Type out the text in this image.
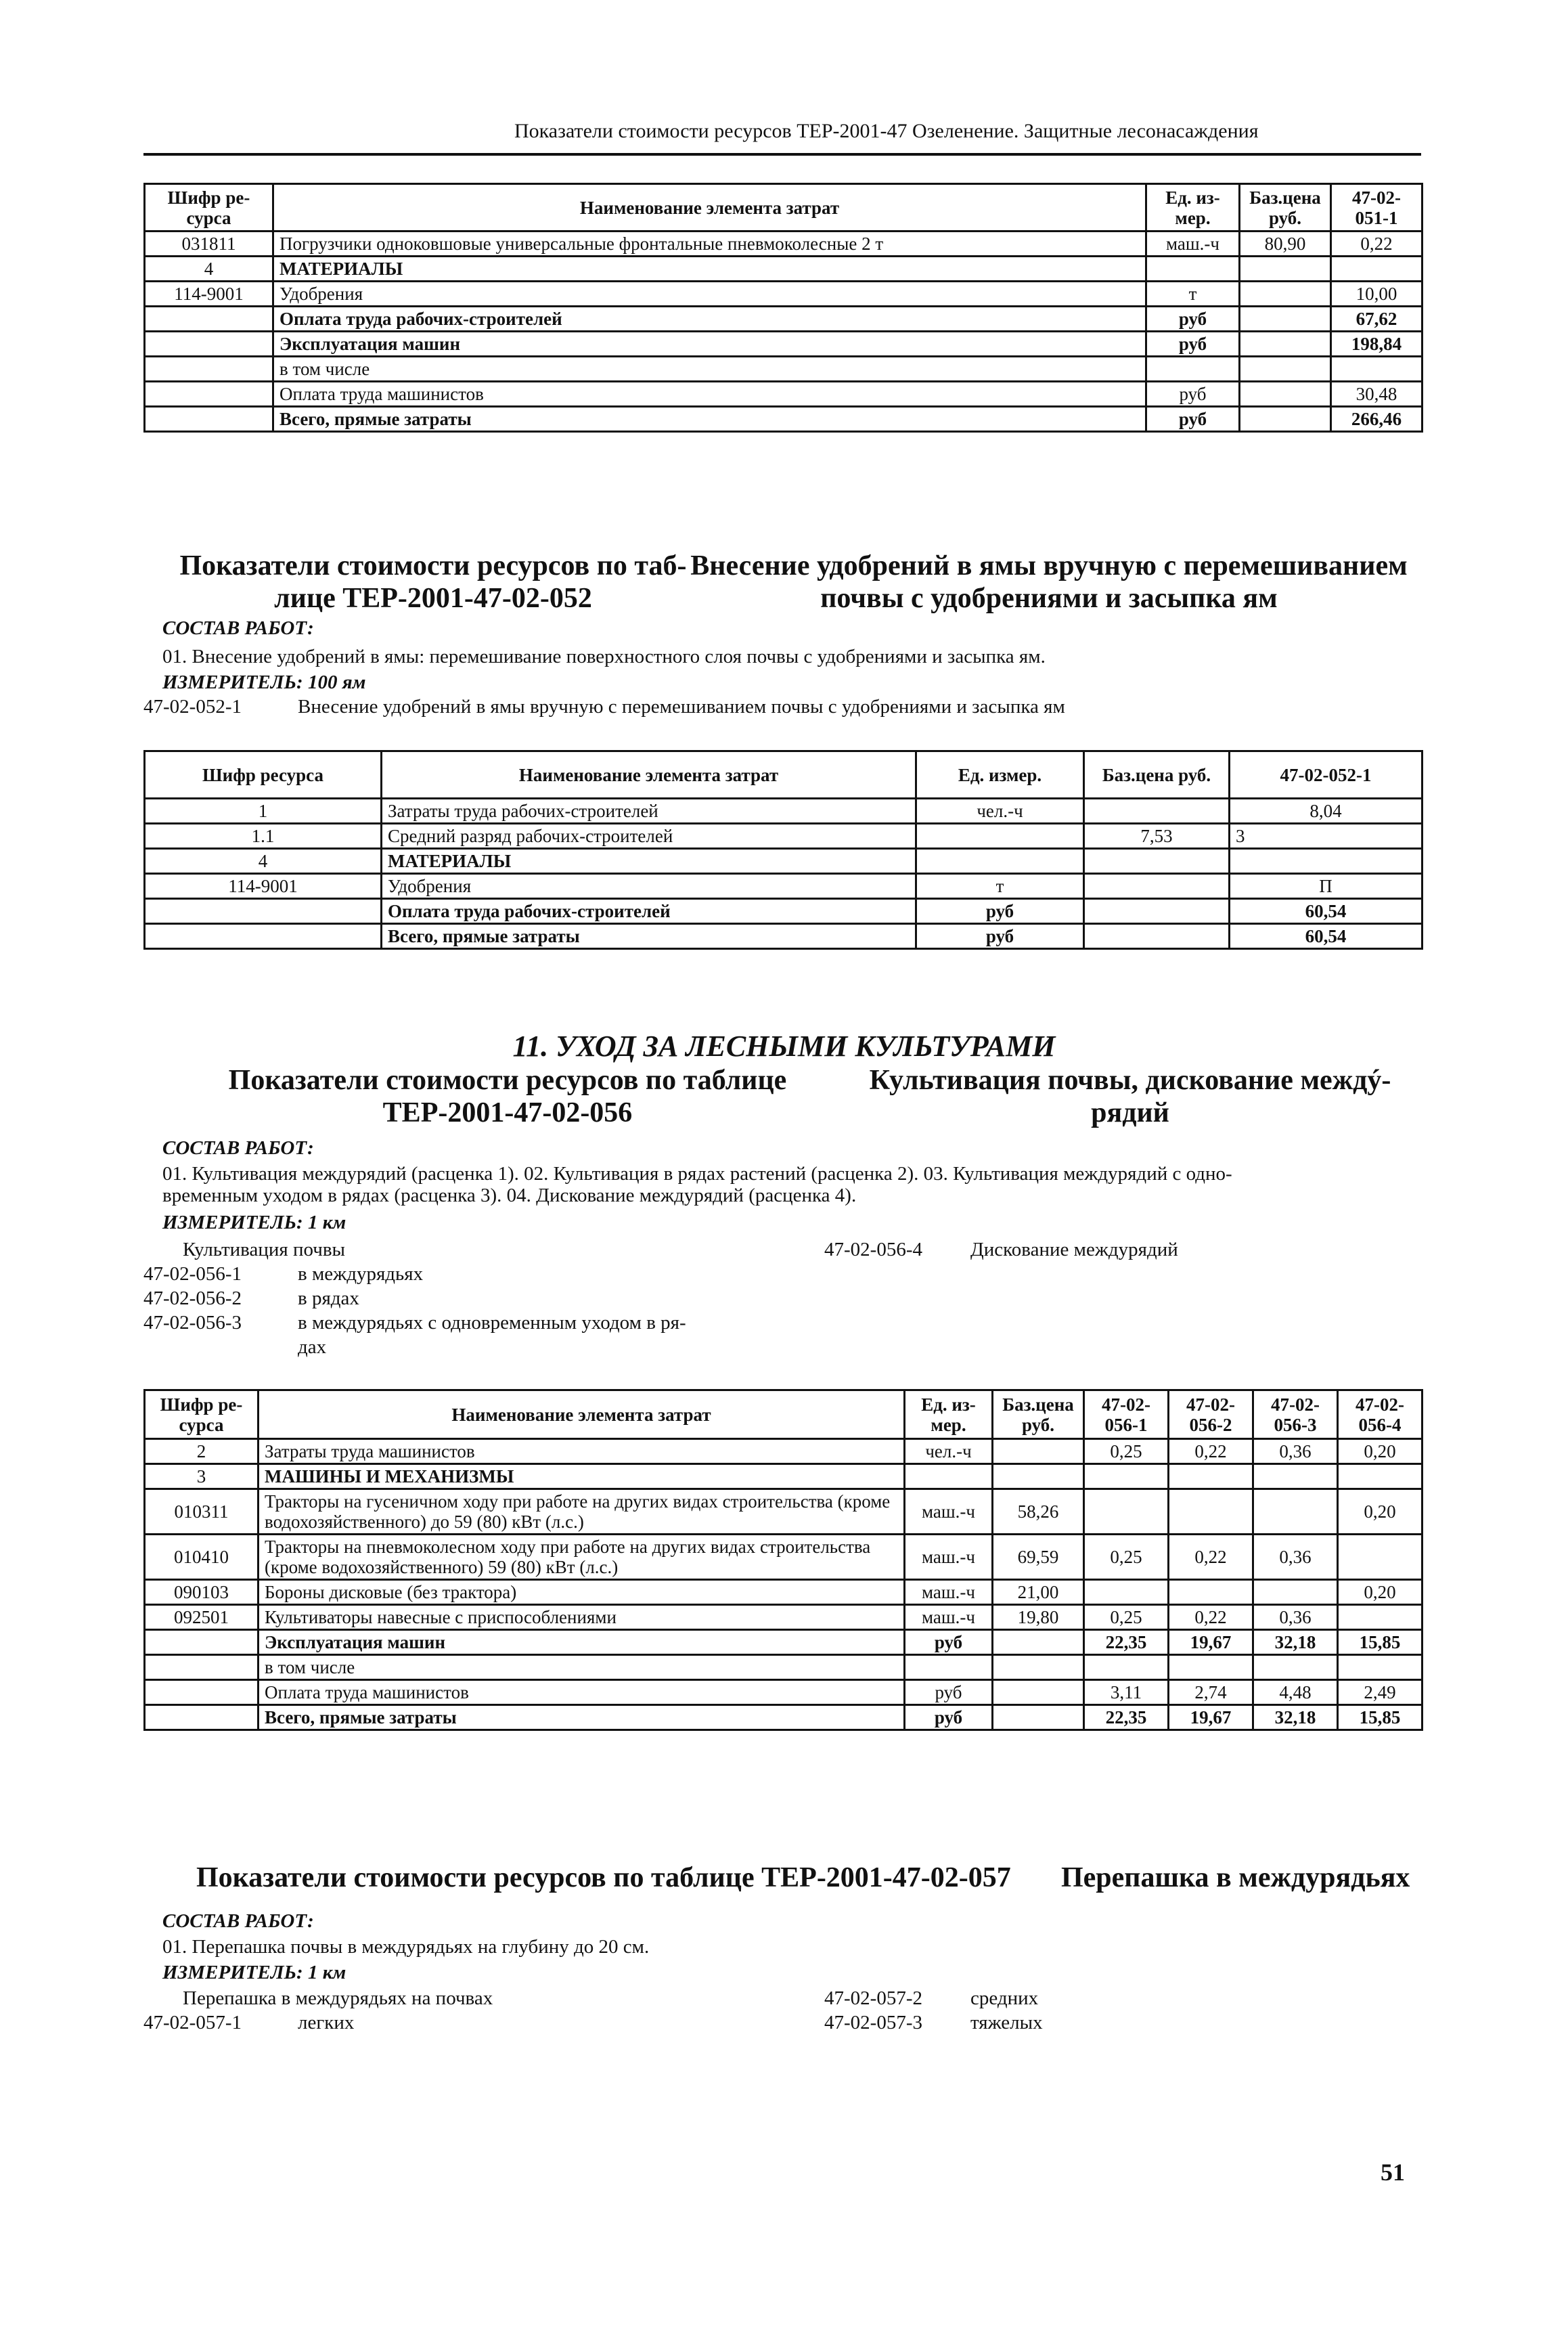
Показатели стоимости ресурсов ТЕР-2001-47 Озеленение. Защитные лесонасаждения
Шифр ре-сурса	Наименование элемента затрат	Ед. из-мер.	Баз.цена руб.	47-02-051-1
031811	Погрузчики одноковшовые универсальные фронтальные пневмоколесные 2 т	маш.-ч	80,90	0,22
4	МАТЕРИАЛЫ			
114-9001	Удобрения	т		10,00
	Оплата труда рабочих-строителей	руб		67,62
	Эксплуатация машин	руб		198,84
	в том числе			
	Оплата труда машинистов	руб		30,48
	Всего, прямые затраты	руб		266,46
Показатели стоимости ресурсов по таб-
лице ТЕР-2001-47-02-052
Внесение удобрений в ямы вручную с перемешиванием
почвы с удобрениями и засыпка ям
СОСТАВ РАБОТ:
01. Внесение удобрений в ямы: перемешивание поверхностного слоя почвы с удобрениями и засыпка ям.
ИЗМЕРИТЕЛЬ: 100 ям
47-02-052-1	Внесение удобрений в ямы вручную с перемешиванием почвы с удобрениями и засыпка ям
Шифр ресурса	Наименование элемента затрат	Ед. измер.	Баз.цена руб.	47-02-052-1
1	Затраты труда рабочих-строителей	чел.-ч		8,04
1.1	Средний разряд рабочих-строителей		7,53	3
4	МАТЕРИАЛЫ			
114-9001	Удобрения	т		П
	Оплата труда рабочих-строителей	руб		60,54
	Всего, прямые затраты	руб		60,54
11. УХОД ЗА ЛЕСНЫМИ КУЛЬТУРАМИ
Показатели стоимости ресурсов по таблице
ТЕР-2001-47-02-056
Культивация почвы, дискование междý-
рядий
СОСТАВ РАБОТ:
01. Культивация междурядий (расценка 1). 02. Культивация в рядах растений (расценка 2). 03. Культивация междурядий с одно-
временным уходом в рядах (расценка 3). 04. Дискование междурядий (расценка 4).
ИЗМЕРИТЕЛЬ: 1 км
Культивация почвы
47-02-056-1	в междурядьях
47-02-056-2	в рядах
47-02-056-3	в междурядьях с одновременным уходом в ря-
дах
47-02-056-4 Дискование междурядий
Шифр ре-сурса	Наименование элемента затрат	Ед. из-мер.	Баз.цена руб.	47-02-056-1	47-02-056-2	47-02-056-3	47-02-056-4
2	Затраты труда машинистов	чел.-ч		0,25	0,22	0,36	0,20
3	МАШИНЫ И МЕХАНИЗМЫ						
010311	Тракторы на гусеничном ходу при работе на других видах строительства (кроме водохозяйственного) до 59 (80) кВт (л.с.)	маш.-ч	58,26				0,20
010410	Тракторы на пневмоколесном ходу при работе на других видах строительства (кроме водохозяйственного) 59 (80) кВт (л.с.)	маш.-ч	69,59	0,25	0,22	0,36	
090103	Бороны дисковые (без трактора)	маш.-ч	21,00				0,20
092501	Культиваторы навесные с приспособлениями	маш.-ч	19,80	0,25	0,22	0,36	
	Эксплуатация машин	руб		22,35	19,67	32,18	15,85
	в том числе						
	Оплата труда машинистов	руб		3,11	2,74	4,48	2,49
	Всего, прямые затраты	руб		22,35	19,67	32,18	15,85
Показатели стоимости ресурсов по таблице ТЕР-2001-47-02-057 Перепашка в междурядьях
СОСТАВ РАБОТ:
01. Перепашка почвы в междурядьях на глубину до 20 см.
ИЗМЕРИТЕЛЬ: 1 км
Перепашка в междурядьях на почвах
47-02-057-1	легких
47-02-057-2 средних
47-02-057-3 тяжелых
51
